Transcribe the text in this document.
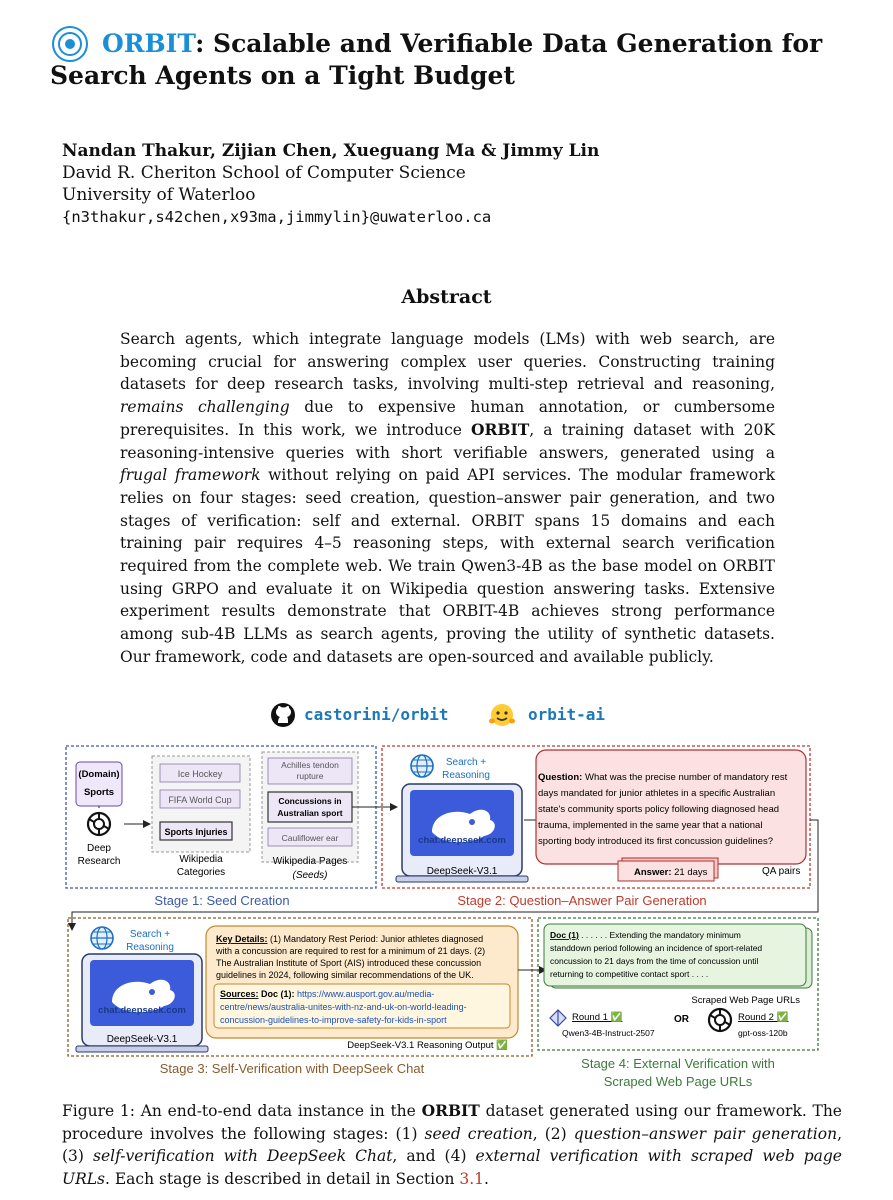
ORBIT: Scalable and Verifiable Data Generation for Search Agents on a Tight Budget
Nandan Thakur, Zijian Chen, Xueguang Ma & Jimmy Lin
David R. Cheriton School of Computer Science
University of Waterloo
{n3thakur,s42chen,x93ma,jimmylin}@uwaterloo.ca
Abstract
Search agents, which integrate language models (LMs) with web search, are becoming crucial for answering complex user queries. Constructing training datasets for deep research tasks, involving multi-step retrieval and reasoning, remains challenging due to expensive human annotation, or cumbersome prerequisites. In this work, we introduce ORBIT, a training dataset with 20K reasoning-intensive queries with short verifiable answers, generated using a frugal framework without relying on paid API services. The modular framework relies on four stages: seed creation, question–answer pair generation, and two stages of verification: self and external. ORBIT spans 15 domains and each training pair requires 4–5 reasoning steps, with external search verification required from the complete web. We train Qwen3-4B as the base model on ORBIT using GRPO and evaluate it on Wikipedia question answering tasks. Extensive experiment results demonstrate that ORBIT-4B achieves strong performance among sub-4B LLMs as search agents, proving the utility of synthetic datasets. Our framework, code and datasets are open-sourced and available publicly.
castorini/orbit	orbit-ai
(Domain)
Sports
Deep
Research
Ice Hockey
FIFA World Cup
Sports Injuries
Wikipedia
Categories
Achilles tendon
rupture
Concussions in
Australian sport
Cauliflower ear
Wikipedia Pages
(Seeds)
Stage 1: Seed Creation
Search +
Reasoning
chat.deepseek.com
DeepSeek-V3.1
Question: What was the precise number of mandatory rest
days mandated for junior athletes in a specific Australian
state's community sports policy following diagnosed head
trauma, implemented in the same year that a national
sporting body introduced its first concussion guidelines?
Answer: 21 days	QA pairs
Stage 2: Question–Answer Pair Generation
Search +
Reasoning
chat.deepseek.com
DeepSeek-V3.1
Key Details: (1) Mandatory Rest Period: Junior athletes diagnosed
with a concussion are required to rest for a minimum of 21 days. (2)
The Australian Institute of Sport (AIS) introduced these concussion
guidelines in 2024, following similar recommendations of the UK.
Sources: Doc (1): https://www.ausport.gov.au/media-
centre/news/australia-unites-with-nz-and-uk-on-world-leading-
concussion-guidelines-to-improve-safety-for-kids-in-sport
DeepSeek-V3.1 Reasoning Output ✅
Stage 3: Self-Verification with DeepSeek Chat
Doc (1) . . . . . . Extending the mandatory minimum
standdown period following an incidence of sport-related
concussion to 21 days from the time of concussion until
returning to competitive contact sport . . . .
Scraped Web Page URLs
Round 1 ✅
Qwen3-4B-Instruct-2507
OR	Round 2 ✅
gpt-oss-120b
Stage 4: External Verification with
Scraped Web Page URLs
Figure 1: An end-to-end data instance in the ORBIT dataset generated using our framework. The procedure involves the following stages: (1) seed creation, (2) question–answer pair generation, (3) self-verification with DeepSeek Chat, and (4) external verification with scraped web page URLs. Each stage is described in detail in Section 3.1.
